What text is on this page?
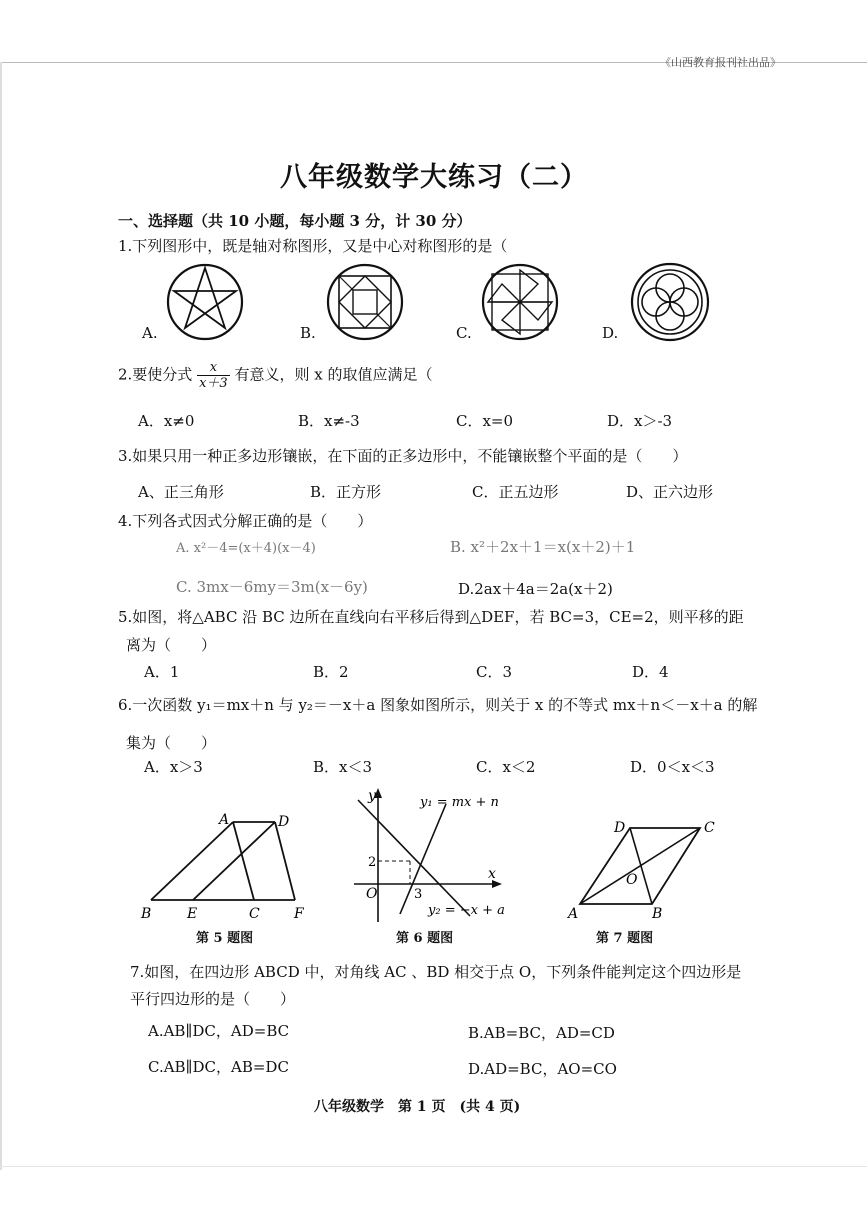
《山西教育报刊社出品》
八年级数学大练习（二）
一、选择题（共 10 小题，每小题 3 分，计 30 分）
1.下列图形中，既是轴对称图形，又是中心对称图形的是（
A.	B.	C.	D.
2.要使分式 $\frac{x}{x+3}$ 有意义，则 x 的取值应满足（
A．x≠0	B．x≠-3	C．x=0	D．x＞-3
3.如果只用一种正多边形镶嵌，在下面的正多边形中，不能镶嵌整个平面的是（　　）
A、正三角形	B．正方形	C．正五边形	D、正六边形
4.下列各式因式分解正确的是（　　）
A. x²－4=(x＋4)(x－4)	B. x²＋2x＋1＝x(x＋2)＋1
C. 3mx－6my＝3m(x－6y)	D.2ax＋4a＝2a(x＋2)
5.如图，将△ABC 沿 BC 边所在直线向右平移后得到△DEF，若 BC=3，CE=2，则平移的距
离为（　　）
A．1	B．2	C．3	D．4
6.一次函数 y₁＝mx＋n 与 y₂＝－x＋a 图象如图所示，则关于 x 的不等式 mx＋n＜－x＋a 的解
集为（　　）
A．x＞3	B．x＜3	C．x＜2	D．0＜x＜3
A	D
B	E	C F
第 5 题图
y
x
O
2
3
y₁ = mx + n
y₂ = −x + a
第 6 题图
A	B
C
D
O
第 7 题图
7.如图，在四边形 ABCD 中，对角线 AC 、BD 相交于点 O，下列条件能判定这个四边形是
平行四边形的是（　　）
A.AB∥DC，AD=BC	B.AB=BC，AD=CD
C.AB∥DC，AB=DC	D.AD=BC，AO=CO
八年级数学　第 1 页　(共 4 页)
